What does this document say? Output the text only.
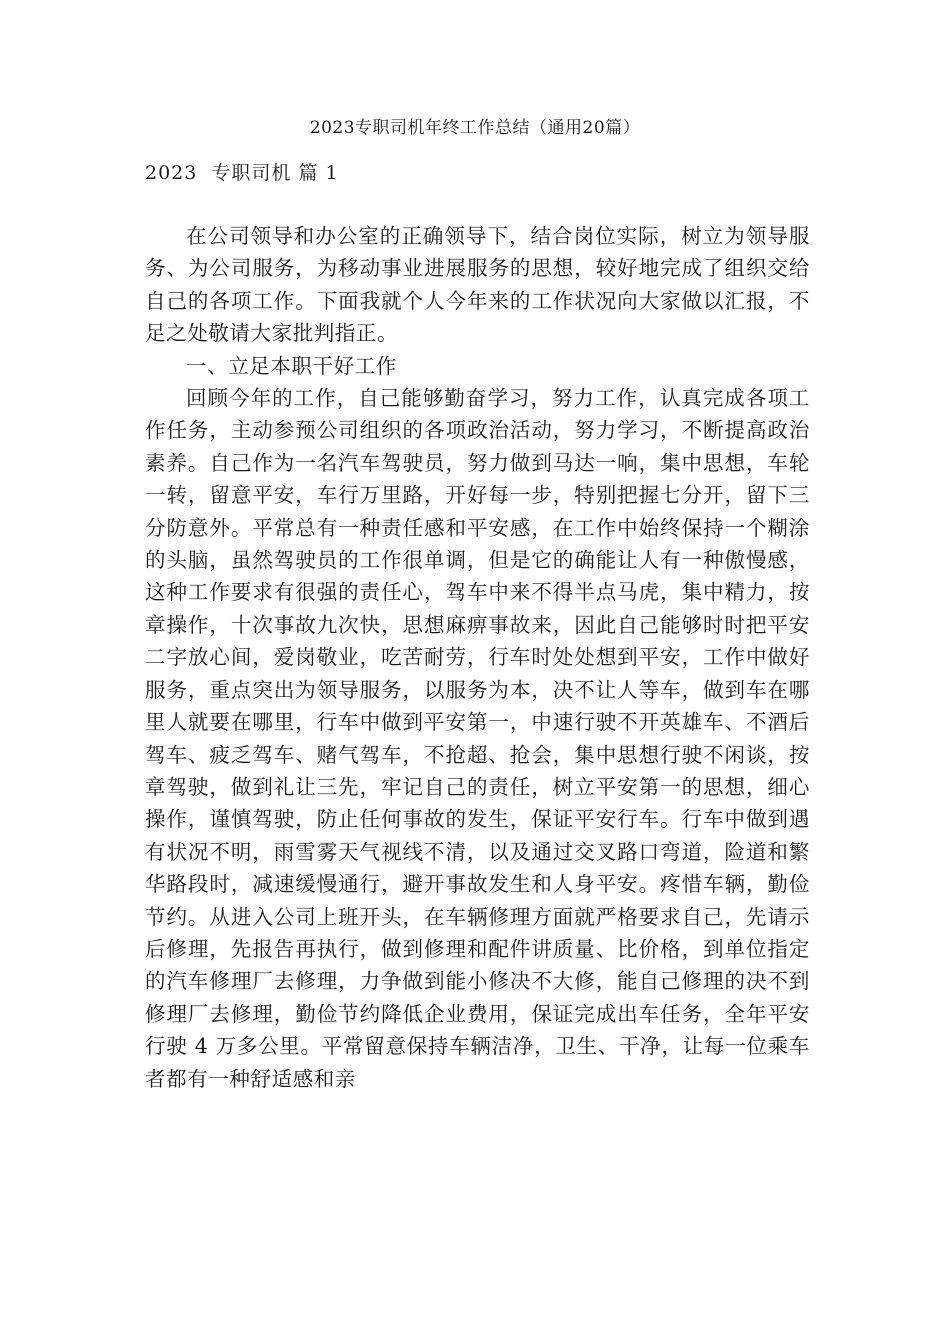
2023专职司机年终工作总结（通用20篇）
2023  专职司机 篇 1

在公司领导和办公室的正确领导下，结合岗位实际，树立为领导服务、为公司服务，为移动事业进展服务的思想，较好地完成了组织交给自己的各项工作。下面我就个人今年来的工作状况向大家做以汇报，不足之处敬请大家批判指正。

一、立足本职干好工作

回顾今年的工作，自己能够勤奋学习，努力工作，认真完成各项工作任务，主动参预公司组织的各项政治活动，努力学习，不断提高政治素养。自己作为一名汽车驾驶员，努力做到马达一响，集中思想，车轮一转，留意平安，车行万里路，开好每一步，特别把握七分开，留下三分防意外。平常总有一种责任感和平安感，在工作中始终保持一个糊涂的头脑，虽然驾驶员的工作很单调，但是它的确能让人有一种傲慢感，这种工作要求有很强的责任心，驾车中来不得半点马虎，集中精力，按章操作，十次事故九次快，思想麻痹事故来，因此自己能够时时把平安二字放心间，爱岗敬业，吃苦耐劳，行车时处处想到平安，工作中做好服务，重点突出为领导服务，以服务为本，决不让人等车，做到车在哪里人就要在哪里，行车中做到平安第一，中速行驶不开英雄车、不酒后驾车、疲乏驾车、赌气驾车，不抢超、抢会，集中思想行驶不闲谈，按章驾驶，做到礼让三先，牢记自己的责任，树立平安第一的思想，细心操作，谨慎驾驶，防止任何事故的发生，保证平安行车。行车中做到遇有状况不明，雨雪雾天气视线不清，以及通过交叉路口弯道，险道和繁华路段时，减速缓慢通行，避开事故发生和人身平安。疼惜车辆，勤俭节约。从进入公司上班开头，在车辆修理方面就严格要求自己，先请示后修理，先报告再执行，做到修理和配件讲质量、比价格，到单位指定的汽车修理厂去修理，力争做到能小修决不大修，能自己修理的决不到修理厂去修理，勤俭节约降低企业费用，保证完成出车任务，全年平安行驶 4 万多公里。平常留意保持车辆洁净，卫生、干净，让每一位乘车者都有一种舒适感和亲
